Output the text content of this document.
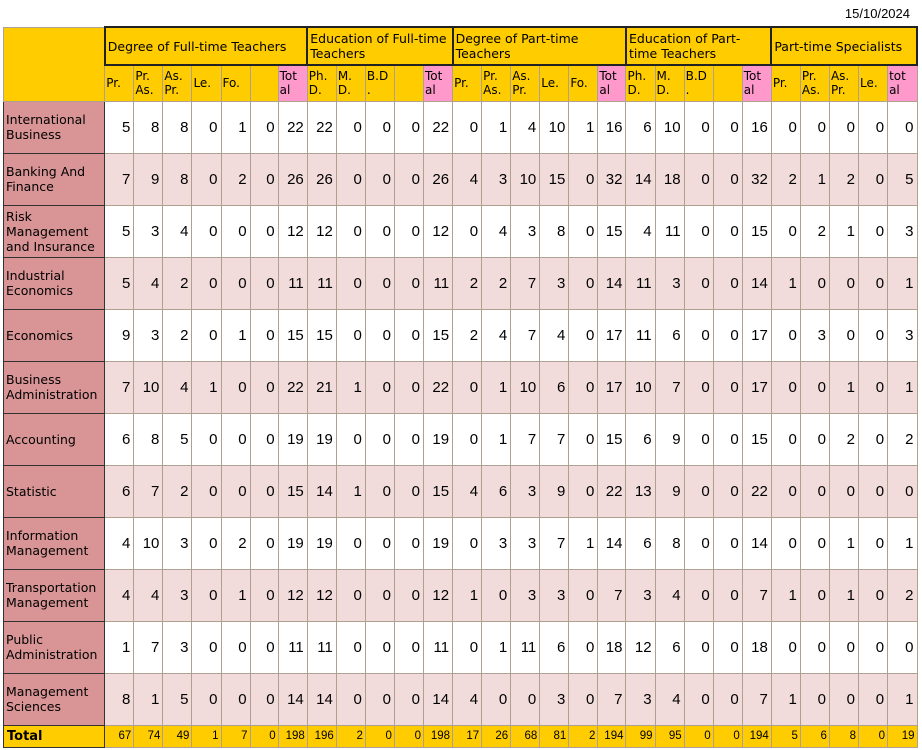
15/10/2024
	Degree of Full-time Teachers							Education of Full-time Teachers					Degree of Part-time Teachers						Education of Part-time Teachers					Part-time Specialists				
	Pr.	Pr. As.	As. Pr.	Le.	Fo.		Tot al	Ph. D.	M. D.	B.D .		Tot al	Pr.	Pr. As.	As. Pr.	Le.	Fo.	Tot al	Ph. D.	M. D.	B.D .		Tot al	Pr.	Pr. As.	As. Pr.	Le.	tot al
International Business	5	8	8	0	1	0	22	22	0	0	0	22	0	1	4	10	1	16	6	10	0	0	16	0	0	0	0	0
Banking And Finance	7	9	8	0	2	0	26	26	0	0	0	26	4	3	10	15	0	32	14	18	0	0	32	2	1	2	0	5
Risk Management and Insurance	5	3	4	0	0	0	12	12	0	0	0	12	0	4	3	8	0	15	4	11	0	0	15	0	2	1	0	3
Industrial Economics	5	4	2	0	0	0	11	11	0	0	0	11	2	2	7	3	0	14	11	3	0	0	14	1	0	0	0	1
Economics	9	3	2	0	1	0	15	15	0	0	0	15	2	4	7	4	0	17	11	6	0	0	17	0	3	0	0	3
Business Administration	7	10	4	1	0	0	22	21	1	0	0	22	0	1	10	6	0	17	10	7	0	0	17	0	0	1	0	1
Accounting	6	8	5	0	0	0	19	19	0	0	0	19	0	1	7	7	0	15	6	9	0	0	15	0	0	2	0	2
Statistic	6	7	2	0	0	0	15	14	1	0	0	15	4	6	3	9	0	22	13	9	0	0	22	0	0	0	0	0
Information Management	4	10	3	0	2	0	19	19	0	0	0	19	0	3	3	7	1	14	6	8	0	0	14	0	0	1	0	1
Transportation Management	4	4	3	0	1	0	12	12	0	0	0	12	1	0	3	3	0	7	3	4	0	0	7	1	0	1	0	2
Public Administration	1	7	3	0	0	0	11	11	0	0	0	11	0	1	11	6	0	18	12	6	0	0	18	0	0	0	0	0
Management Sciences	8	1	5	0	0	0	14	14	0	0	0	14	4	0	0	3	0	7	3	4	0	0	7	1	0	0	0	1
Total	67	74	49	1	7	0	198	196	2	0	0	198	17	26	68	81	2	194	99	95	0	0	194	5	6	8	0	19
